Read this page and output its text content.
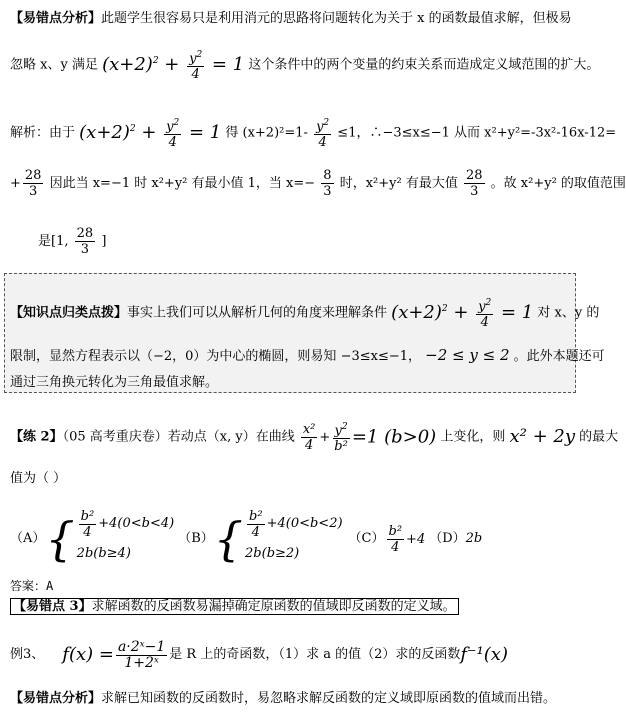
【易错点分析】此题学生很容易只是利用消元的思路将问题转化为关于 x 的函数最值求解，但极易
忽略 x、y 满足 $(x+2)^2 + \frac{y^2}{4} = 1$ 这个条件中的两个变量的约束关系而造成定义域范围的扩大。
解析：由于 $(x+2)^2 + \frac{y^2}{4} = 1$ 得 $(x+2)^2=1- \frac{y^2}{4} \le 1$，∴−3≤x≤−1 从而 x²+y²=-3x²-16x-12=
+ $\frac{28}{3}$ 因此当 x=−1 时 x²+y² 有最小值 1，当 $x=- \frac{8}{3}$ 时，x²+y² 有最大值 $\frac{28}{3}$ 。故 x²+y² 的取值范围
是[1, $\frac{28}{3}$ ]
【知识点归类点拨】事实上我们可以从解析几何的角度来理解条件 $(x+2)^2 + \frac{y^2}{4} = 1$ 对 x、y 的
限制，显然方程表示以（−2，0）为中心的椭圆，则易知 −3≤x≤−1， −2 ≤ y ≤ 2 。此外本题还可
通过三角换元转化为三角最值求解。
【练 2】（05 高考重庆卷）若动点（x, y）在曲线 $\frac{\text{x²}}{4} + \frac{y^2}{\text{b²}} =1$ (b>0) 上变化，则 x² + 2y 的最大
值为（ ）
（A） { $\frac{\text{b²}}{4} +4(0<b<4)$
2b(b≥4)
（B） { $\frac{\text{b²}}{4} +4(0<b<2)$
2b(b≥2)
$(C) \frac{\text{b²}}{4} +4$ （D） 2b
答案：A
【易错点 3】求解函数的反函数易漏掉确定原函数的值域即反函数的定义域。
例3、 $f(x) = \frac{\text{a·2ˣ−1}}{\text{1+2ˣ}}$ 是 R 上的奇函数，（1）求 a 的值（2）求的反函数 f⁻¹(x)
【易错点分析】求解已知函数的反函数时，易忽略求解反函数的定义域即原函数的值域而出错。
